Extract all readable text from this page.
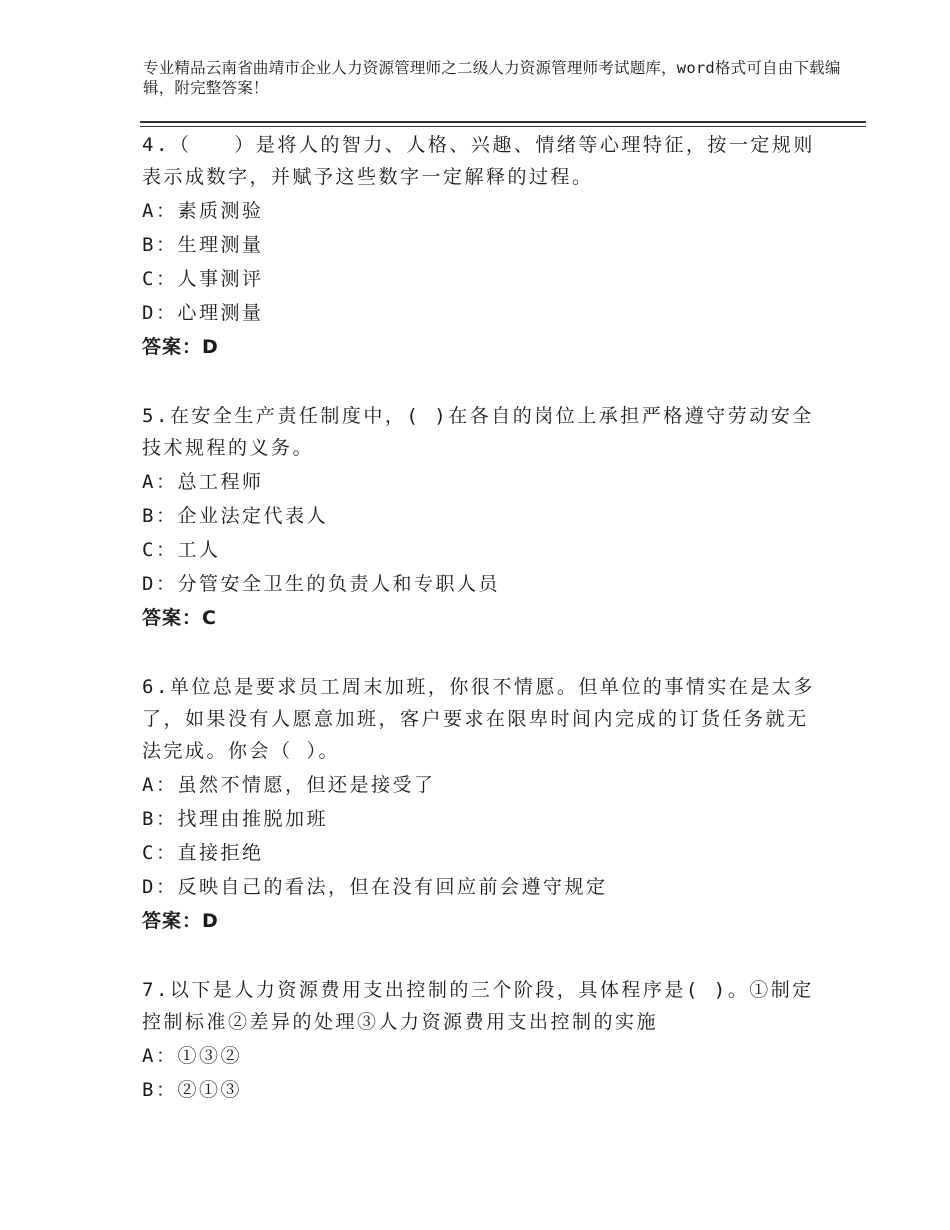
专业精品云南省曲靖市企业人力资源管理师之二级人力资源管理师考试题库，word格式可自由下载编辑，附完整答案！
4.（　　）是将人的智力、人格、兴趣、情绪等心理特征，按一定规则表示成数字，并赋予这些数字一定解释的过程。
A：素质测验
B：生理测量
C：人事测评
D：心理测量
答案：D
5.在安全生产责任制度中，( )在各自的岗位上承担严格遵守劳动安全技术规程的义务。
A：总工程师
B：企业法定代表人
C：工人
D：分管安全卫生的负责人和专职人员
答案：C
6.单位总是要求员工周末加班，你很不情愿。但单位的事情实在是太多了，如果没有人愿意加班，客户要求在限卑时间内完成的订货任务就无法完成。你会（ ）。
A：虽然不情愿，但还是接受了
B：找理由推脱加班
C：直接拒绝
D：反映自己的看法，但在没有回应前会遵守规定
答案：D
7.以下是人力资源费用支出控制的三个阶段，具体程序是( )。①制定控制标准②差异的处理③人力资源费用支出控制的实施
A：①③②
B：②①③
